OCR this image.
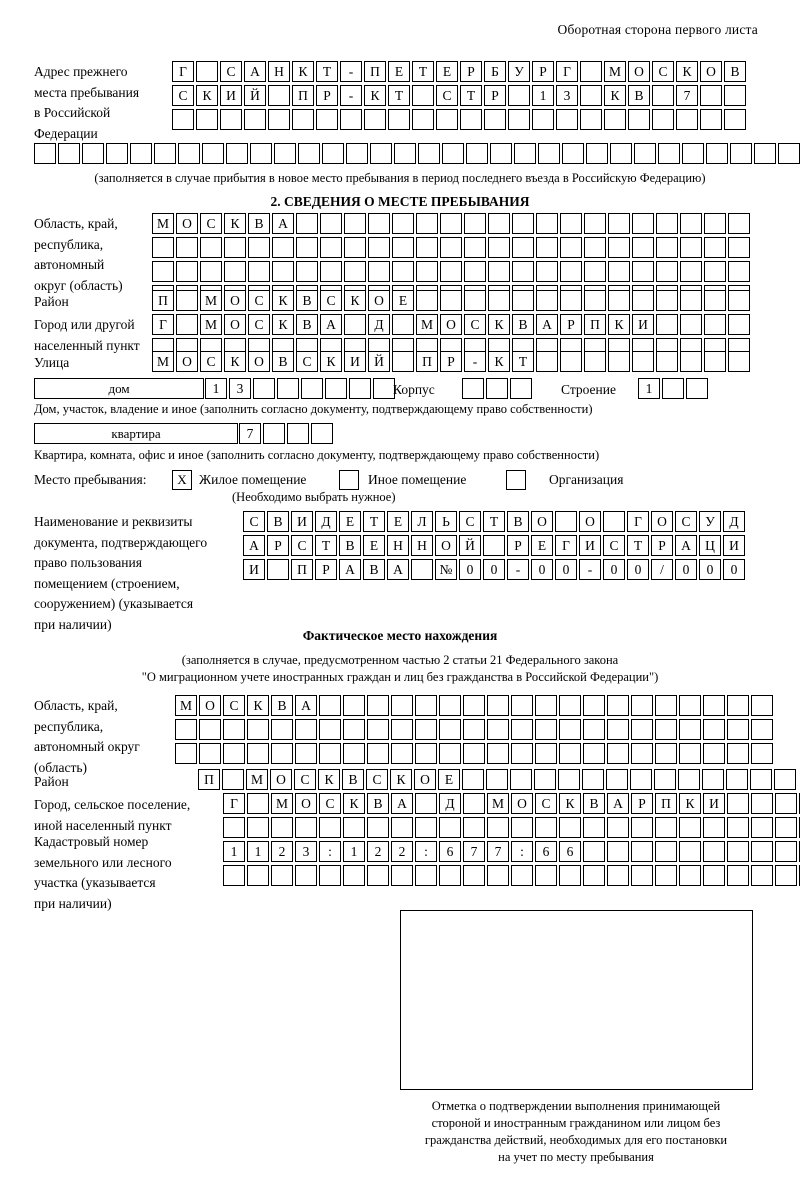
Оборотная сторона первого листа
Адрес прежнего
места пребывания
в Российской
Федерации
Г	С	А	Н	К	Т	-	П	Е	Т	Е	Р	Б	У	Р	Г	М О	С	К	О	В
С	К	И	Й	П	Р	-	К	Т	С	Т	Р	1	3	К	В	7
(заполняется в случае прибытия в новое место пребывания в период последнего въезда в Российскую Федерацию)
2. СВЕДЕНИЯ О МЕСТЕ ПРЕБЫВАНИЯ
Область, край,
республика,
автономный
округ (область)
М О	С	К	В	А
Район	П	М О	С	К	В	С	К	О	Е
Город или другой
населенный пункт
Г	М О	С	К	В	А	Д	М О	С	К	В	А	Р	П	К	И
Улица	М О	С	К	О	В	С	К	И	Й	П	Р	-	К	Т
дом	1	3	Корпус	Строение	1
Дом, участок, владение и иное (заполнить согласно документу, подтверждающему право собственности)
квартира	7
Квартира, комната, офис и иное (заполнить согласно документу, подтверждающему право собственности)
Место пребывания:	X Жилое помещение	Иное помещение	Организация
(Необходимо выбрать нужное)
Наименование и реквизиты
документа, подтверждающего
право пользования
помещением (строением,
сооружением) (указывается
при наличии)
С	В	И	Д	Е	Т	Е	Л	Ь	С	Т	В	О	О	Г	О	С	У	Д
А	Р	С	Т	В	Е	Н	Н	О	Й	Р	Е	Г	И	С	Т	Р	А	Ц	И
И	П	Р	А	В	А	№	0	0	-	0	0	-	0	0	/	0	0	0
Фактическое место нахождения
(заполняется в случае, предусмотренном частью 2 статьи 21 Федерального закона
"О миграционном учете иностранных граждан и лиц без гражданства в Российской Федерации")
Область, край,
республика,
автономный округ
(область)
М О	С	К	В	А
Район	П	М О	С	К	В	С	К	О	Е
Город, сельское поселение,
иной населенный пункт
Г	М О	С	К	В	А	Д	М О	С	К	В	А	Р	П	К	И
Кадастровый номер
земельного или лесного
участка (указывается
при наличии)
1	1	2	3	:	1	2	2	:	6	7	7	:	6	6
Отметка о подтверждении выполнения принимающей
стороной и иностранным гражданином или лицом без
гражданства действий, необходимых для его постановки
на учет по месту пребывания
